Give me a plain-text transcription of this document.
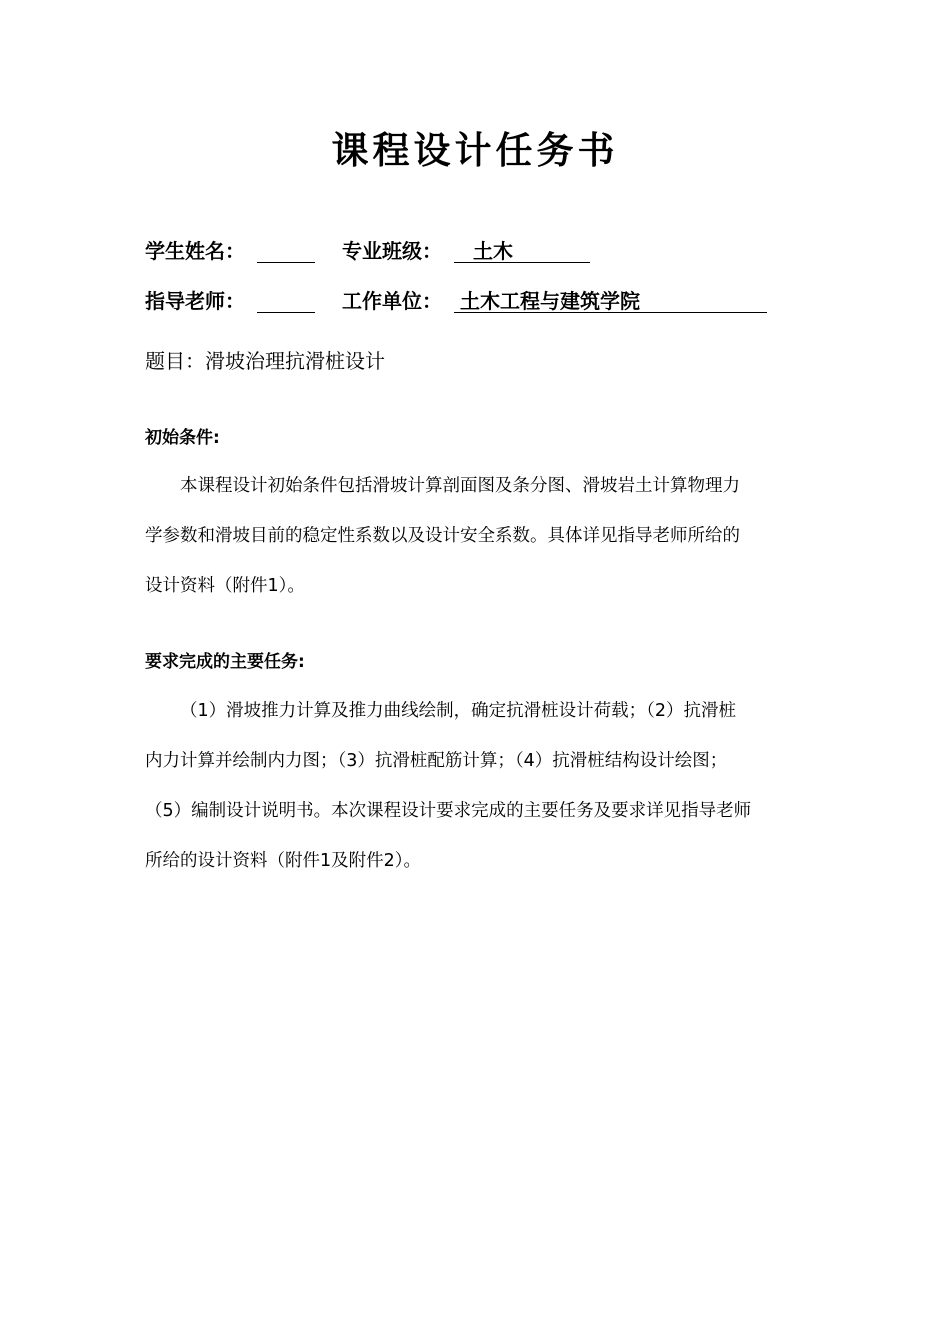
课程设计任务书
学生姓名：	专业班级： 土木
指导老师：	工作单位： 土木工程与建筑学院
题目：滑坡治理抗滑桩设计
初始条件:
本课程设计初始条件包括滑坡计算剖面图及条分图、滑坡岩土计算物理力
学参数和滑坡目前的稳定性系数以及设计安全系数。具体详见指导老师所给的
设计资料（附件1）。
要求完成的主要任务:
（1）滑坡推力计算及推力曲线绘制，确定抗滑桩设计荷载；（2）抗滑桩
内力计算并绘制内力图；（3）抗滑桩配筋计算；（4）抗滑桩结构设计绘图；
（5）编制设计说明书。本次课程设计要求完成的主要任务及要求详见指导老师
所给的设计资料（附件1及附件2）。
